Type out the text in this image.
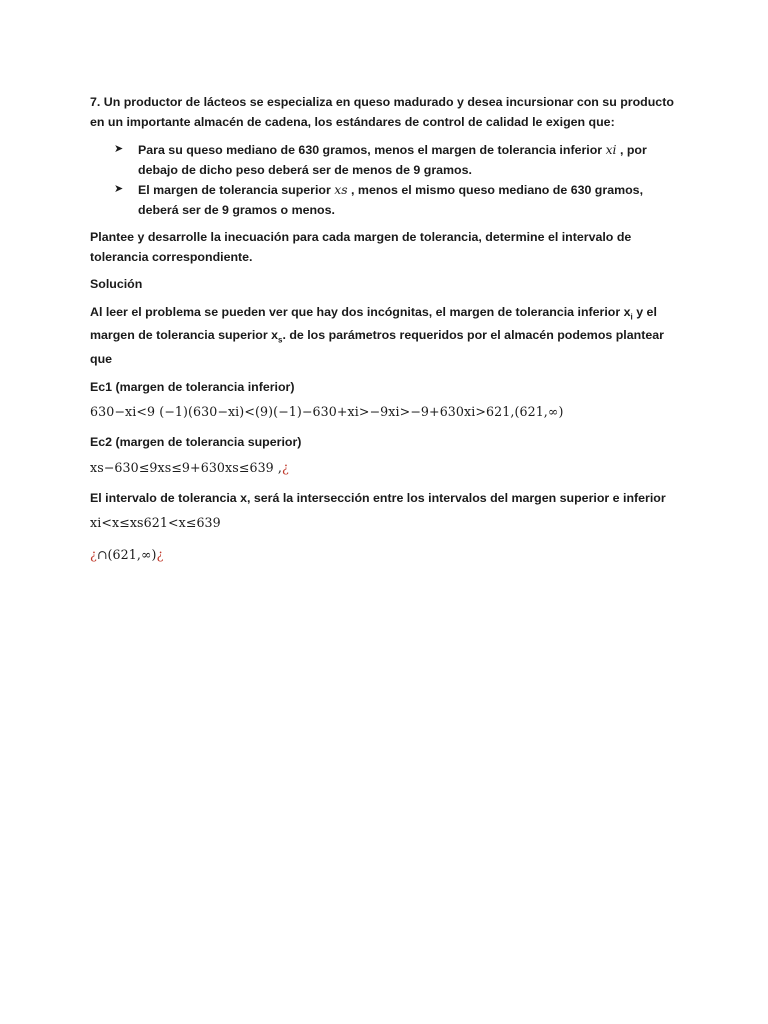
7. Un productor de lácteos se especializa en queso madurado y desea incursionar con su producto en un importante almacén de cadena, los estándares de control de calidad le exigen que:

➤ Para su queso mediano de 630 gramos, menos el margen de tolerancia inferior xi , por debajo de dicho peso deberá ser de menos de 9 gramos.
➤ El margen de tolerancia superior xs , menos el mismo queso mediano de 630 gramos, deberá ser de 9 gramos o menos.

Plantee y desarrolle la inecuación para cada margen de tolerancia, determine el intervalo de tolerancia correspondiente.

Solución

Al leer el problema se pueden ver que hay dos incógnitas, el margen de tolerancia inferior $x_i$ y el margen de tolerancia superior $x_s$. de los parámetros requeridos por el almacén podemos plantear que

Ec1 (margen de tolerancia inferior)

630−xi<9 (−1)(630−xi)<(9)(−1)−630+xi>−9xi>−9+630xi>621,(621,∞)

Ec2 (margen de tolerancia superior)

xs−630≤9xs≤9+630xs≤639 ,¿

El intervalo de tolerancia x, será la intersección entre los intervalos del margen superior e inferior

xi<x≤xs621<x≤639

¿∩(621,∞)¿
